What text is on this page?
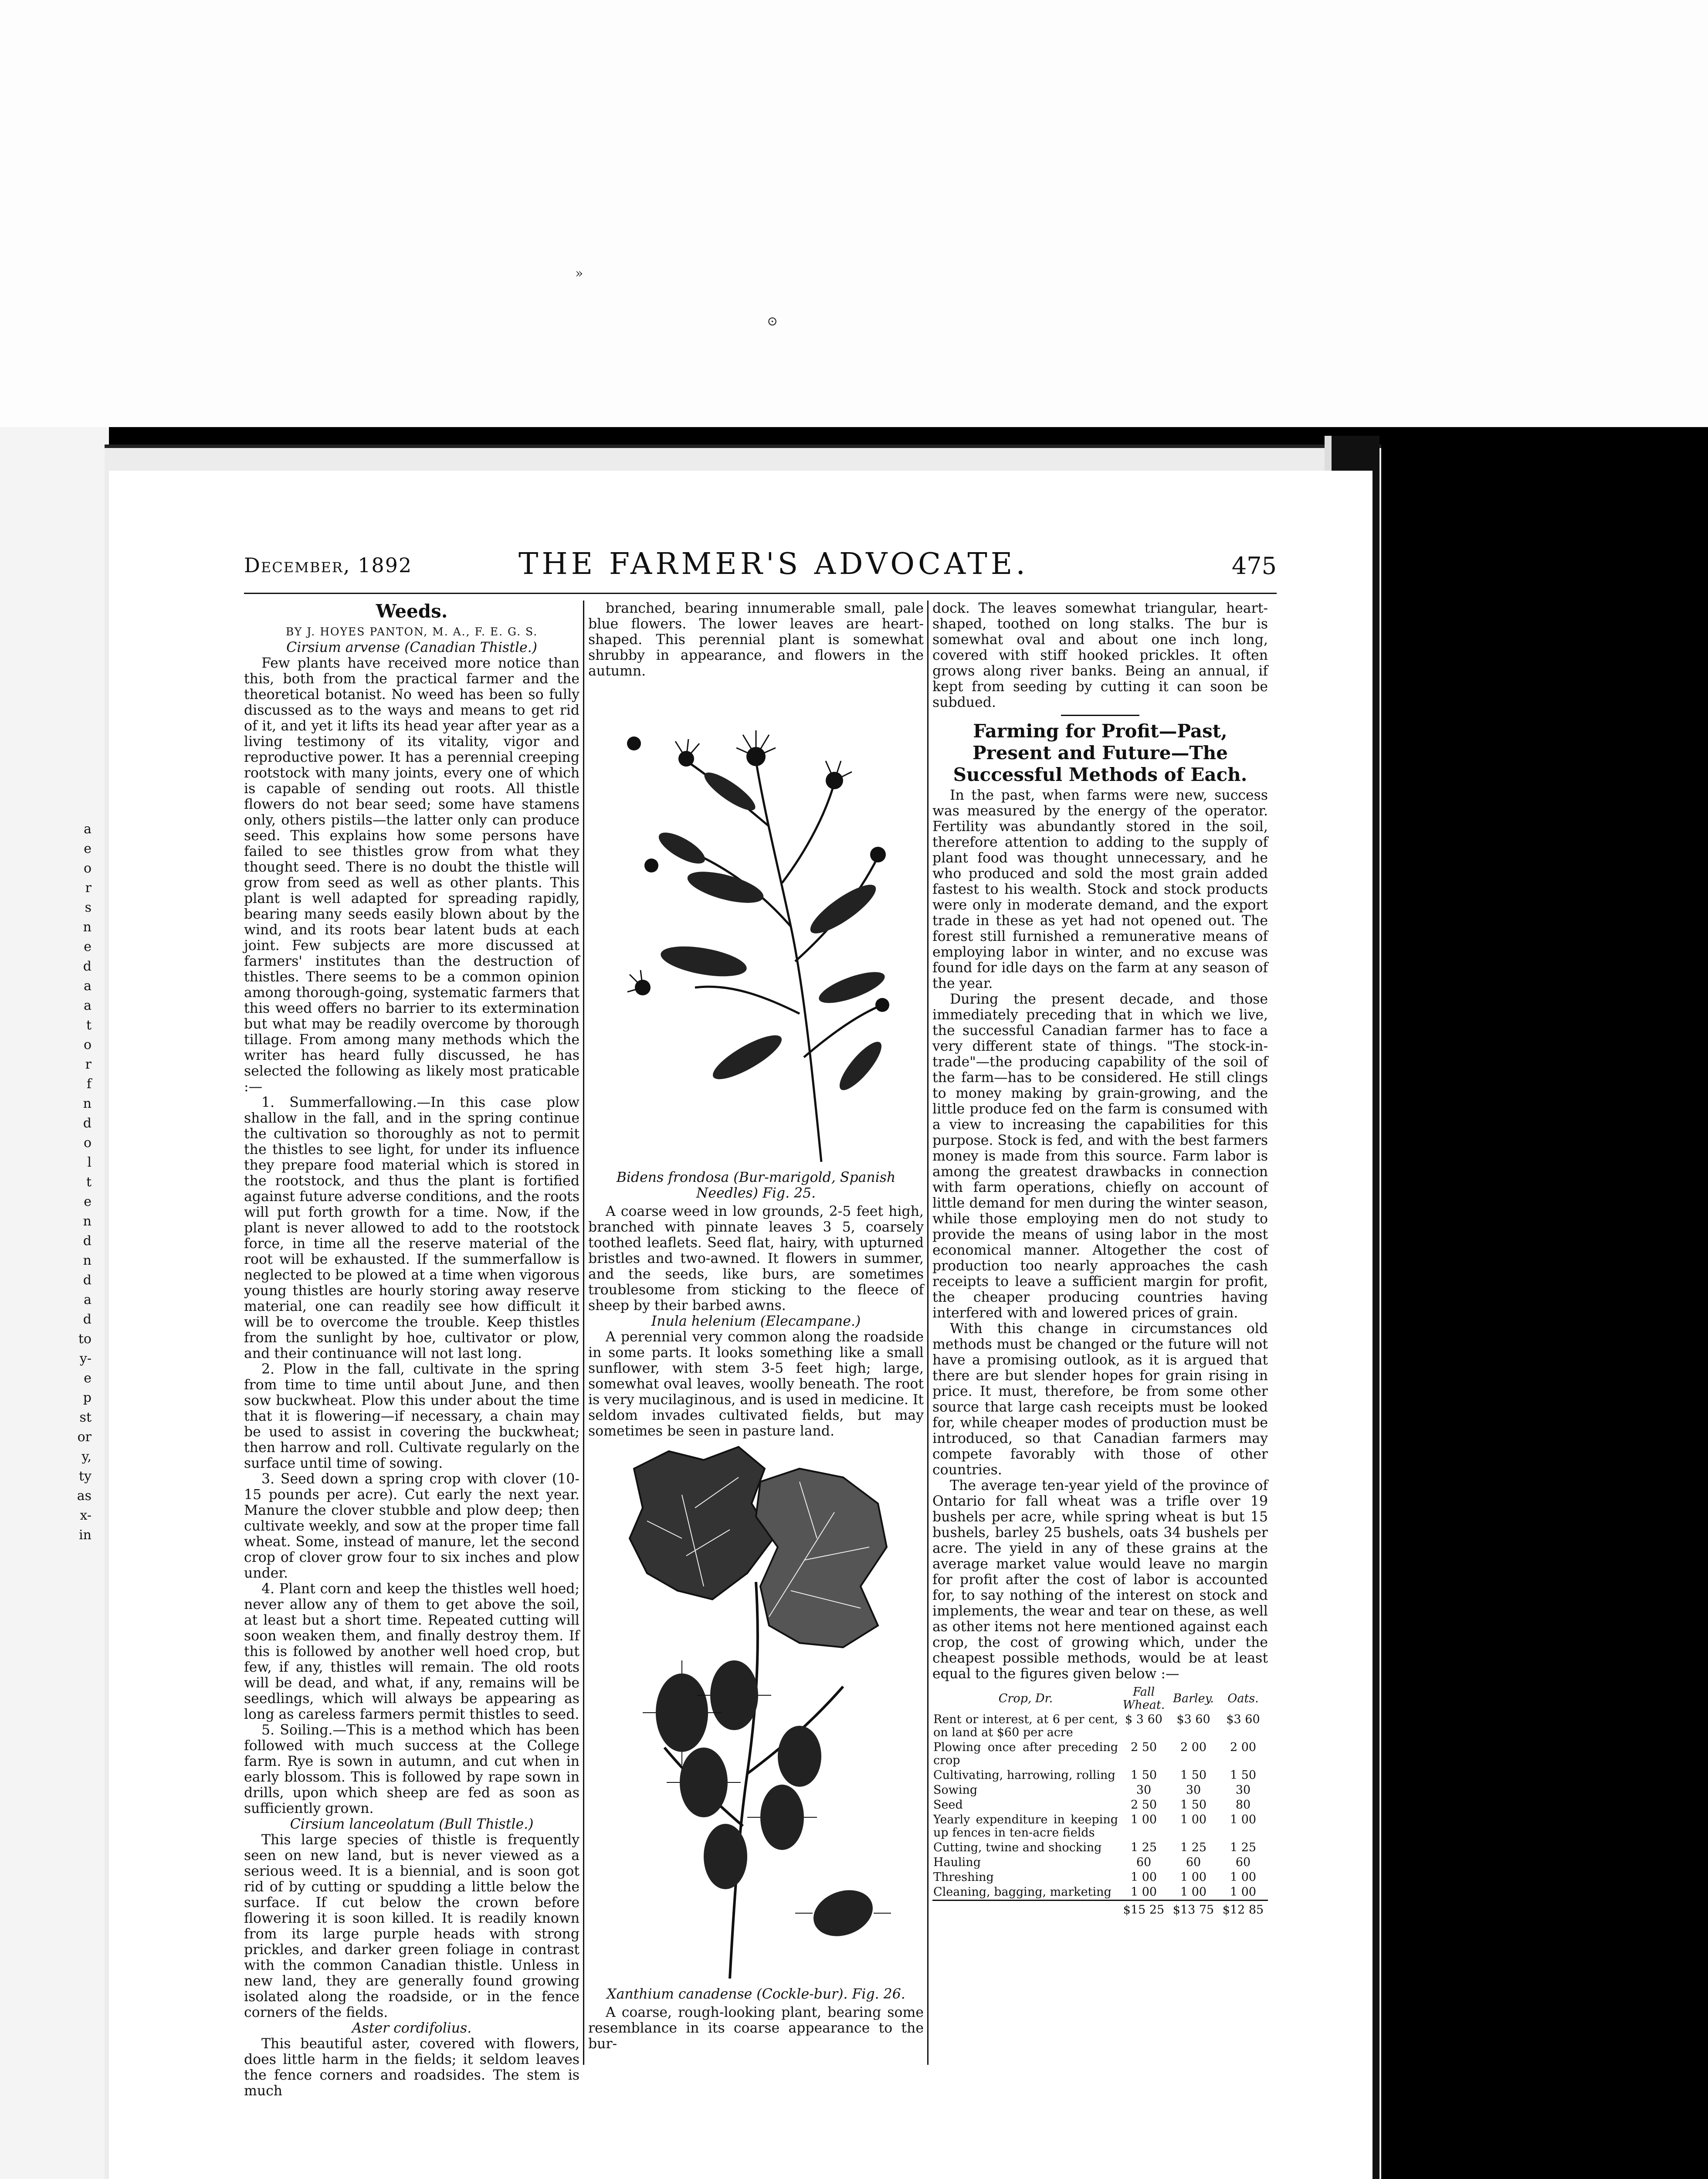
»
⊙
a
e
o
r
s
n
e
d
a
a
t
o
r
f
n
d
o
l
t
e
n
d
n
d
a
d
to
y-
e
p
st
or
y,
ty
as
x-
in
December, 1892	THE FARMER'S ADVOCATE.	475
Weeds.
BY J. HOYES PANTON, M. A., F. E. G. S.
Cirsium arvense (Canadian Thistle.)

Few plants have received more notice than this, both from the practical farmer and the theoretical botanist. No weed has been so fully discussed as to the ways and means to get rid of it, and yet it lifts its head year after year as a living testimony of its vitality, vigor and reproductive power. It has a perennial creeping rootstock with many joints, every one of which is capable of sending out roots. All thistle flowers do not bear seed; some have stamens only, others pistils—the latter only can produce seed. This explains how some persons have failed to see thistles grow from what they thought seed. There is no doubt the thistle will grow from seed as well as other plants. This plant is well adapted for spreading rapidly, bearing many seeds easily blown about by the wind, and its roots bear latent buds at each joint. Few subjects are more discussed at farmers' institutes than the destruction of thistles. There seems to be a common opinion among thorough-going, systematic farmers that this weed offers no barrier to its extermination but what may be readily overcome by thorough tillage. From among many methods which the writer has heard fully discussed, he has selected the following as likely most praticable :—

1. Summerfallowing.—In this case plow shallow in the fall, and in the spring continue the cultivation so thoroughly as not to permit the thistles to see light, for under its influence they prepare food material which is stored in the rootstock, and thus the plant is fortified against future adverse conditions, and the roots will put forth growth for a time. Now, if the plant is never allowed to add to the rootstock force, in time all the reserve material of the root will be exhausted. If the summerfallow is neglected to be plowed at a time when vigorous young thistles are hourly storing away reserve material, one can readily see how difficult it will be to overcome the trouble. Keep thistles from the sunlight by hoe, cultivator or plow, and their continuance will not last long.

2. Plow in the fall, cultivate in the spring from time to time until about June, and then sow buckwheat. Plow this under about the time that it is flowering—if necessary, a chain may be used to assist in covering the buckwheat; then harrow and roll. Cultivate regularly on the surface until time of sowing.

3. Seed down a spring crop with clover (10-15 pounds per acre). Cut early the next year. Manure the clover stubble and plow deep; then cultivate weekly, and sow at the proper time fall wheat. Some, instead of manure, let the second crop of clover grow four to six inches and plow under.

4. Plant corn and keep the thistles well hoed; never allow any of them to get above the soil, at least but a short time. Repeated cutting will soon weaken them, and finally destroy them. If this is followed by another well hoed crop, but few, if any, thistles will remain. The old roots will be dead, and what, if any, remains will be seedlings, which will always be appearing as long as careless farmers permit thistles to seed.

5. Soiling.—This is a method which has been followed with much success at the College farm. Rye is sown in autumn, and cut when in early blossom. This is followed by rape sown in drills, upon which sheep are fed as soon as sufficiently grown.

Cirsium lanceolatum (Bull Thistle.)

This large species of thistle is frequently seen on new land, but is never viewed as a serious weed. It is a biennial, and is soon got rid of by cutting or spudding a little below the surface. If cut below the crown before flowering it is soon killed. It is readily known from its large purple heads with strong prickles, and darker green foliage in contrast with the common Canadian thistle. Unless in new land, they are generally found growing isolated along the roadside, or in the fence corners of the fields.

Aster cordifolius.

This beautiful aster, covered with flowers, does little harm in the fields; it seldom leaves the fence corners and roadsides. The stem is much

branched, bearing innumerable small, pale blue flowers. The lower leaves are heart-shaped. This perennial plant is somewhat shrubby in appearance, and flowers in the autumn.

Bidens frondosa (Bur-marigold, Spanish Needles) Fig. 25.

A coarse weed in low grounds, 2-5 feet high, branched with pinnate leaves 3 5, coarsely toothed leaflets. Seed flat, hairy, with upturned bristles and two-awned. It flowers in summer, and the seeds, like burs, are sometimes troublesome from sticking to the fleece of sheep by their barbed awns.

Inula helenium (Elecampane.)

A perennial very common along the roadside in some parts. It looks something like a small sunflower, with stem 3-5 feet high; large, somewhat oval leaves, woolly beneath. The root is very mucilaginous, and is used in medicine. It seldom invades cultivated fields, but may sometimes be seen in pasture land.

Xanthium canadense (Cockle-bur). Fig. 26.

A coarse, rough-looking plant, bearing some resemblance in its coarse appearance to the bur-

dock. The leaves somewhat triangular, heart-shaped, toothed on long stalks. The bur is somewhat oval and about one inch long, covered with stiff hooked prickles. It often grows along river banks. Being an annual, if kept from seeding by cutting it can soon be subdued.

Farming for Profit—Past, Present and Future—The Successful Methods of Each.

In the past, when farms were new, success was measured by the energy of the operator. Fertility was abundantly stored in the soil, therefore attention to adding to the supply of plant food was thought unnecessary, and he who produced and sold the most grain added fastest to his wealth. Stock and stock products were only in moderate demand, and the export trade in these as yet had not opened out. The forest still furnished a remunerative means of employing labor in winter, and no excuse was found for idle days on the farm at any season of the year.

During the present decade, and those immediately preceding that in which we live, the successful Canadian farmer has to face a very different state of things. "The stock-in-trade"—the producing capability of the soil of the farm—has to be considered. He still clings to money making by grain-growing, and the little produce fed on the farm is consumed with a view to increasing the capabilities for this purpose. Stock is fed, and with the best farmers money is made from this source. Farm labor is among the greatest drawbacks in connection with farm operations, chiefly on account of little demand for men during the winter season, while those employing men do not study to provide the means of using labor in the most economical manner. Altogether the cost of production too nearly approaches the cash receipts to leave a sufficient margin for profit, the cheaper producing countries having interfered with and lowered prices of grain.

With this change in circumstances old methods must be changed or the future will not have a promising outlook, as it is argued that there are but slender hopes for grain rising in price. It must, therefore, be from some other source that large cash receipts must be looked for, while cheaper modes of production must be introduced, so that Canadian farmers may compete favorably with those of other countries.

The average ten-year yield of the province of Ontario for fall wheat was a trifle over 19 bushels per acre, while spring wheat is but 15 bushels, barley 25 bushels, oats 34 bushels per acre. The yield in any of these grains at the average market value would leave no margin for profit after the cost of labor is accounted for, to say nothing of the interest on stock and implements, the wear and tear on these, as well as other items not here mentioned against each crop, the cost of growing which, under the cheapest possible methods, would be at least equal to the figures given below :—

Crop, Dr.	Fall Wheat.	Barley.	Oats.
Rent or interest, at 6 per cent, on land at $60 per acre	$ 3 60	$3 60	$3 60
Plowing once after preceding crop	2 50	2 00	2 00
Cultivating, harrowing, rolling	1 50	1 50	1 50
Sowing	30	30	30
Seed	2 50	1 50	80
Yearly expenditure in keeping up fences in ten-acre fields	1 00	1 00	1 00
Cutting, twine and shocking	1 25	1 25	1 25
Hauling	60	60	60
Threshing	1 00	1 00	1 00
Cleaning, bagging, marketing	1 00	1 00	1 00
	$15 25	$13 75	$12 85
